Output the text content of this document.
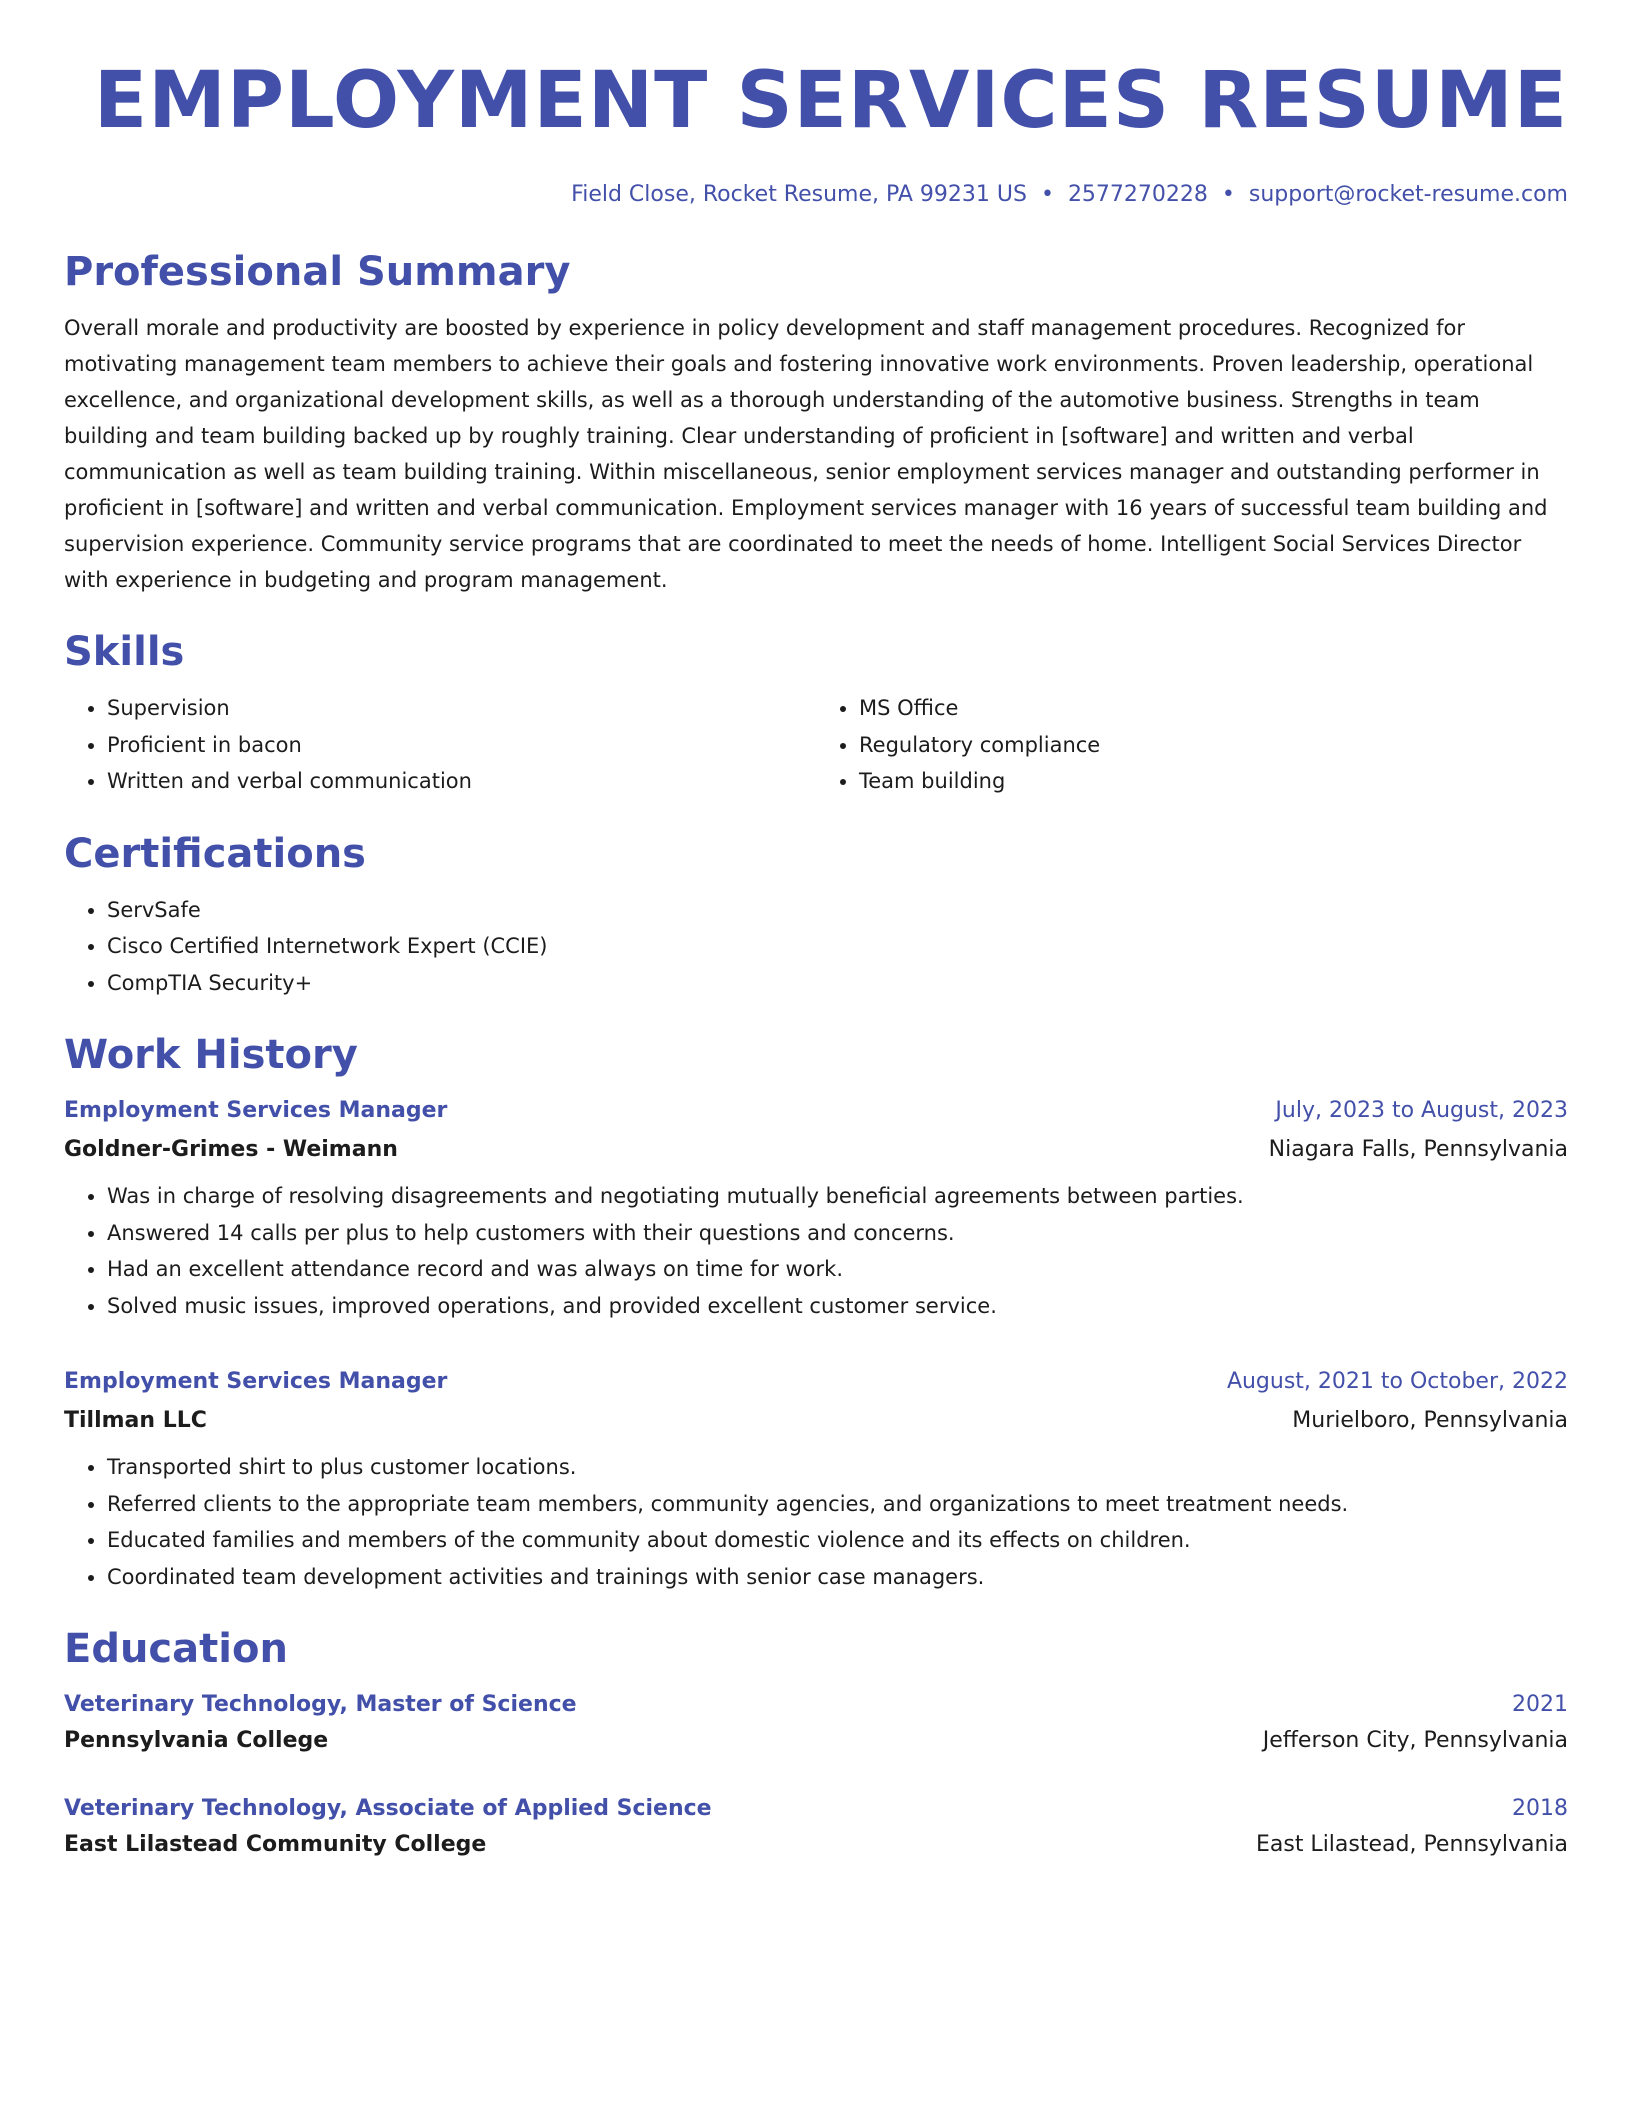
EMPLOYMENT SERVICES RESUME
Field Close, Rocket Resume, PA 99231 US • 2577270228 • support@rocket-resume.com
Professional Summary
Overall morale and productivity are boosted by experience in policy development and staff management procedures. Recognized for motivating management team members to achieve their goals and fostering innovative work environments. Proven leadership, operational excellence, and organizational development skills, as well as a thorough understanding of the automotive business. Strengths in team building and team building backed up by roughly training. Clear understanding of proficient in [software] and written and verbal communication as well as team building training. Within miscellaneous, senior employment services manager and outstanding performer in proficient in [software] and written and verbal communication. Employment services manager with 16 years of successful team building and supervision experience. Community service programs that are coordinated to meet the needs of home. Intelligent Social Services Director with experience in budgeting and program management.
Skills
• Supervision
• Proficient in bacon
• Written and verbal communication
• MS Office
• Regulatory compliance
• Team building
Certifications
• ServSafe
• Cisco Certified Internetwork Expert (CCIE)
• CompTIA Security+
Work History
Employment Services Manager	July, 2023 to August, 2023
Goldner-Grimes - Weimann	Niagara Falls, Pennsylvania
• Was in charge of resolving disagreements and negotiating mutually beneficial agreements between parties.
• Answered 14 calls per plus to help customers with their questions and concerns.
• Had an excellent attendance record and was always on time for work.
• Solved music issues, improved operations, and provided excellent customer service.
Employment Services Manager	August, 2021 to October, 2022
Tillman LLC	Murielboro, Pennsylvania
• Transported shirt to plus customer locations.
• Referred clients to the appropriate team members, community agencies, and organizations to meet treatment needs.
• Educated families and members of the community about domestic violence and its effects on children.
• Coordinated team development activities and trainings with senior case managers.
Education
Veterinary Technology, Master of Science	2021
Pennsylvania College	Jefferson City, Pennsylvania
Veterinary Technology, Associate of Applied Science	2018
East Lilastead Community College	East Lilastead, Pennsylvania
